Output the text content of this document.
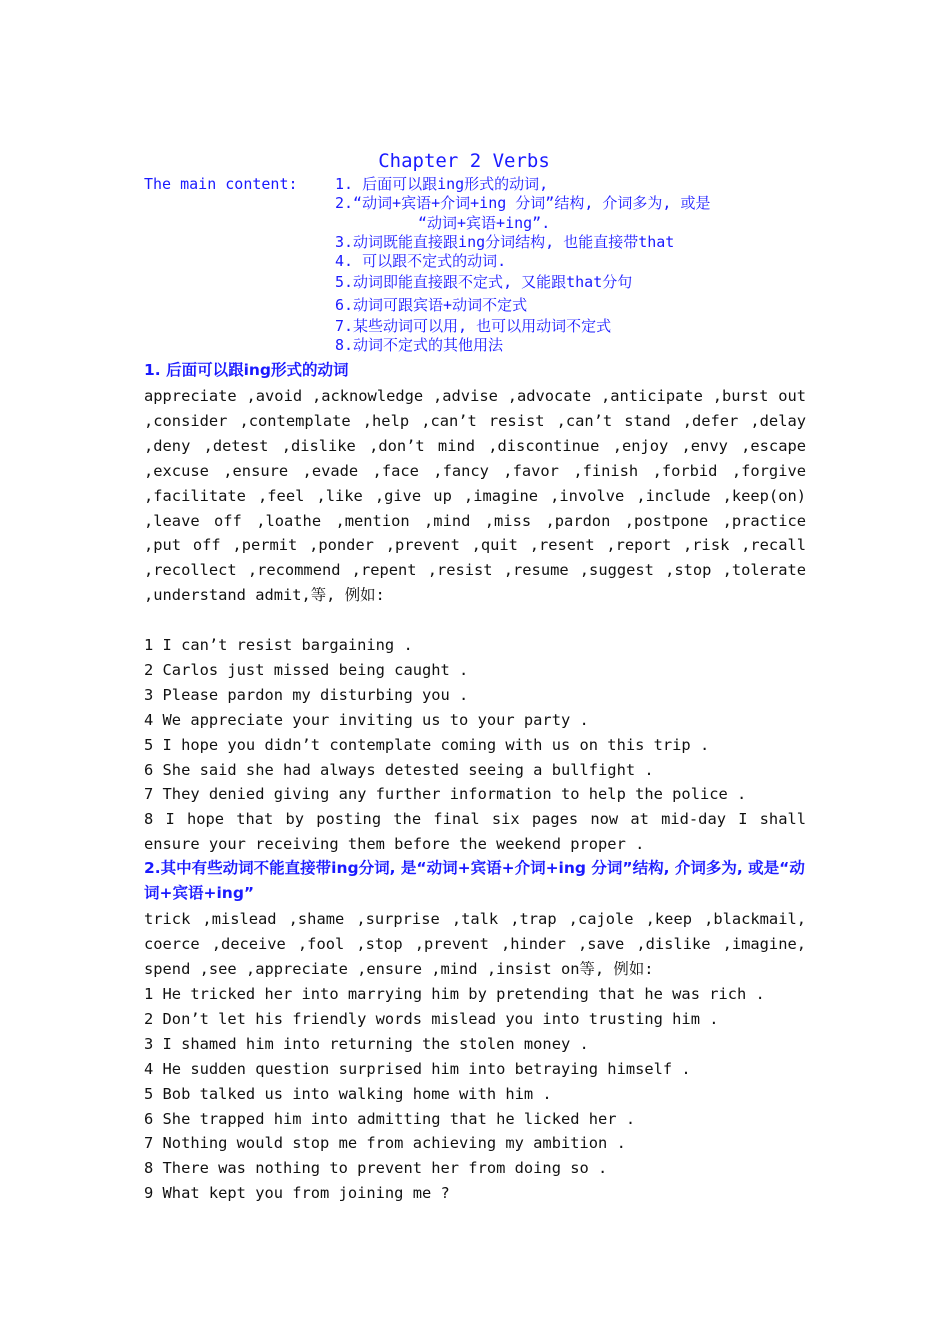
Chapter 2 Verbs
The main content: 1. 后面可以跟ing形式的动词,
2.“动词+宾语+介词+ing 分词”结构, 介词多为, 或是
“动词+宾语+ing”.
3.动词既能直接跟ing分词结构, 也能直接带that
4. 可以跟不定式的动词.
5.动词即能直接跟不定式, 又能跟that分句
6.动词可跟宾语+动词不定式
7.某些动词可以用, 也可以用动词不定式
8.动词不定式的其他用法
1. 后面可以跟ing形式的动词
appreciate ,avoid ,acknowledge ,advise ,advocate ,anticipate ,burst out ,consider ,contemplate ,help ,can’t resist ,can’t stand ,defer ,delay ,deny ,detest ,dislike ,don’t mind ,discontinue ,enjoy ,envy ,escape ,excuse ,ensure ,evade ,face ,fancy ,favor ,finish ,forbid ,forgive ,facilitate ,feel ,like ,give up ,imagine ,involve ,include ,keep(on) ,leave off ,loathe ,mention ,mind ,miss ,pardon ,postpone ,practice ,put off ,permit ,ponder ,prevent ,quit ,resent ,report ,risk ,recall ,recollect ,recommend ,repent ,resist ,resume ,suggest ,stop ,tolerate ,understand admit,等, 例如:
1 I can’t resist bargaining .
2 Carlos just missed being caught .
3 Please pardon my disturbing you .
4 We appreciate your inviting us to your party .
5 I hope you didn’t contemplate coming with us on this trip .
6 She said she had always detested seeing a bullfight .
7 They denied giving any further information to help the police .
8 I hope that by posting the final six pages now at mid-day I shall ensure your receiving them before the weekend proper .
2.其中有些动词不能直接带ing分词, 是“动词+宾语+介词+ing 分词”结构, 介词多为, 或是“动词+宾语+ing”
trick ,mislead ,shame ,surprise ,talk ,trap ,cajole ,keep ,blackmail, coerce ,deceive ,fool ,stop ,prevent ,hinder ,save ,dislike ,imagine, spend ,see ,appreciate ,ensure ,mind ,insist on等, 例如:
1 He tricked her into marrying him by pretending that he was rich .
2 Don’t let his friendly words mislead you into trusting him .
3 I shamed him into returning the stolen money .
4 He sudden question surprised him into betraying himself .
5 Bob talked us into walking home with him .
6 She trapped him into admitting that he licked her .
7 Nothing would stop me from achieving my ambition .
8 There was nothing to prevent her from doing so .
9 What kept you from joining me ?
